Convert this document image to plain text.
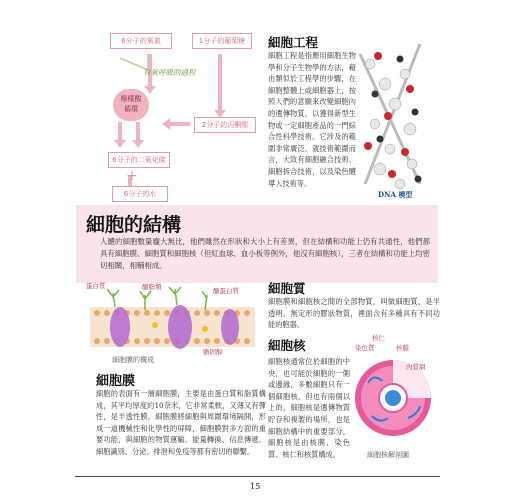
6分子的氧氣	1分子的葡萄糖
有氧呼吸的過程
檸檬酸
循環
2分子的丙酮酸
6分子的二氧化碳
+
6分子的水
細胞工程
細胞工程是指應用細胞生物學和分子生物學的方法，藉由類似於工程學的步驟，在細胞整體上或細胞器上，按照人們的意願來改變細胞內的遺傳物質，以獲得新型生物或一定細胞產品的一門綜合性科學技術。它涉及的範圍非常廣泛，就技術範圍而言，大致有細胞融合技術、細胞拆合技術，以及染色體導入技術等。
DNA 模型
細胞的結構
人體的細胞數量龐大無比，他們雖然在形狀和大小上有差異，但在結構和功能上仍有共通性，他們都具有細胞膜、細胞質和細胞核（但紅血球、血小板等例外，他沒有細胞核），三者在結構和功能上均密切相關，相輔相成。
蛋白質	醣脂類	醣蛋白質
膽固醇
細胞膜的構成
細胞膜
細胞的表面有一層細胞膜，主要是由蛋白質和脂質構成，其平均厚度約10奈米，它非常柔軟，又薄又有彈性，是半透性膜。細胞膜將細胞與周圍環境隔開，形成一道機械性和化學性的屏障，細胞膜對多方面的重要功能，與細胞的物質運輸、能量轉換、信息傳遞、細胞識別、分泌、排泄和免疫等都有密切的聯繫。
細胞質
細胞膜和細胞核之間的全部物質，叫做細胞質，是半透明、無定形的膠狀物質，裡面含有多種具有不同功能的胞器。
細胞核
細胞核通常位於細胞的中央，也可能於細胞的一側或邊緣，多數細胞只有一個細胞核，但也有兩個以上的，細胞核是遺傳物質貯存和複製的場所，也是細胞結構中的重要部分，細胞核是由核膜、染色質、核仁和核質構成。
核仁
染色質	核膜
內質網
細胞核解剖圖
15
